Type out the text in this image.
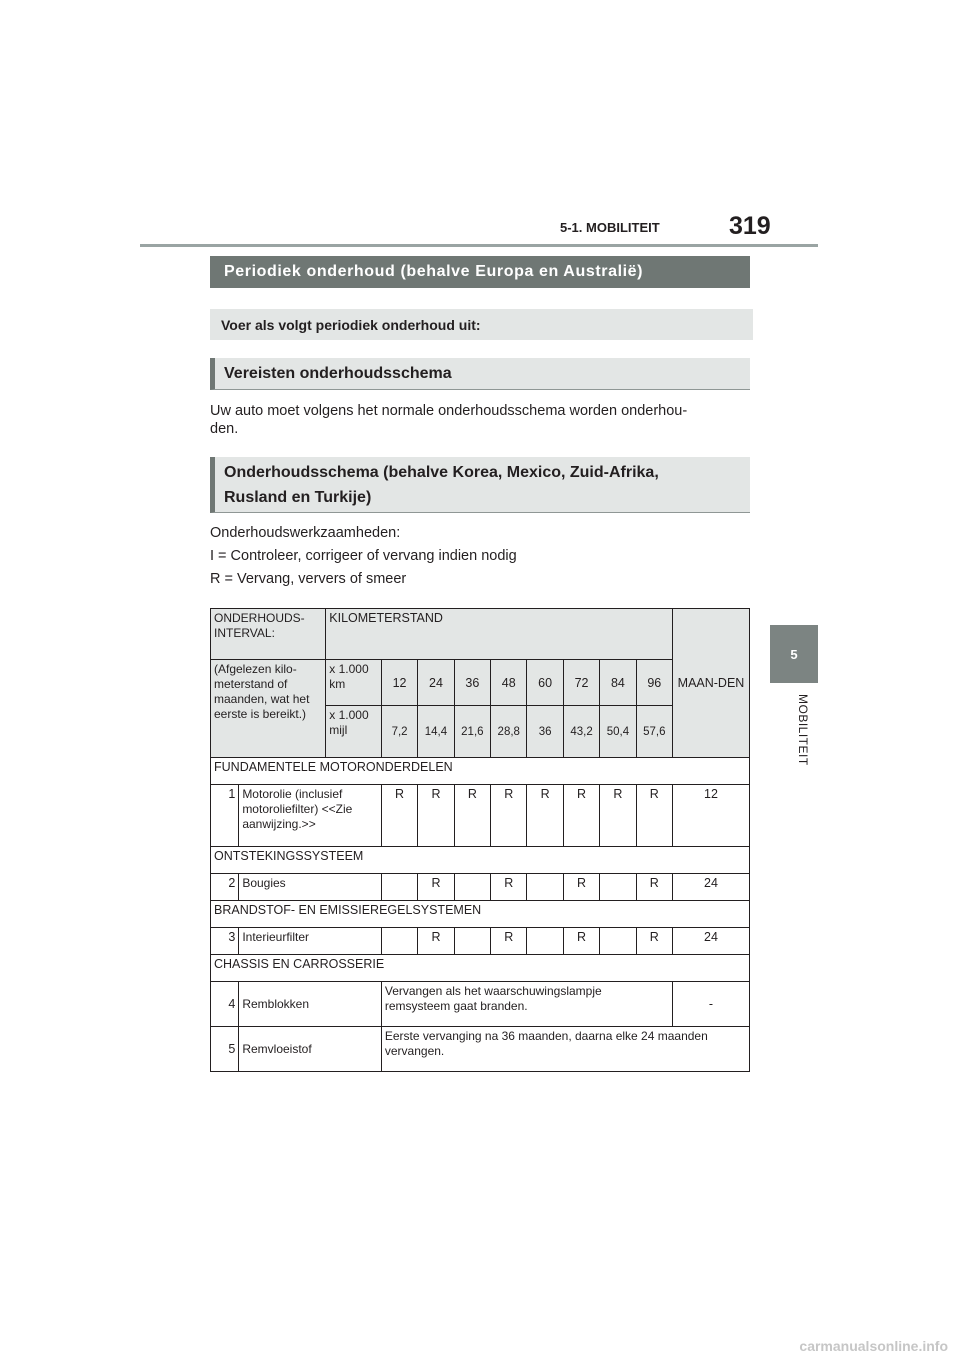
5-1. MOBILITEIT	319
5
MOBILITEIT
Periodiek onderhoud (behalve Europa en Australië)
Voer als volgt periodiek onderhoud uit:
Vereisten onderhoudsschema
Uw auto moet volgens het normale onderhoudsschema worden onderhou-
den.
Onderhoudsschema (behalve Korea, Mexico, Zuid-Afrika,
Rusland en Turkije)
Onderhoudswerkzaamheden:
I = Controleer, corrigeer of vervang indien nodig
R = Vervang, ververs of smeer
ONDERHOUDS-INTERVAL:		KILOMETERSTAND									MAAN-DEN
(Afgelezen kilo-meterstand of maanden, wat het eerste is bereikt.)		x 1.000 km	12	24	36	48	60	72	84	96	
		x 1.000 mijl	7,2	14,4	21,6	28,8	36	43,2	50,4	57,6	
FUNDAMENTELE MOTORONDERDELEN											
1	Motorolie (inclusief motoroliefilter) <<Zie aanwijzing.>>		R	R	R	R	R	R	R	R	12
ONTSTEKINGSSYSTEEM											
2	Bougies			R		R		R		R	24
BRANDSTOF- EN EMISSIEREGELSYSTEMEN											
3	Interieurfilter			R		R		R		R	24
CHASSIS EN CARROSSERIE											
4	Remblokken		Vervangen als het waarschuwingslampje remsysteem gaat branden.								-
5	Remvloeistof		Eerste vervanging na 36 maanden, daarna elke 24 maanden vervangen.								
carmanualsonline.info
